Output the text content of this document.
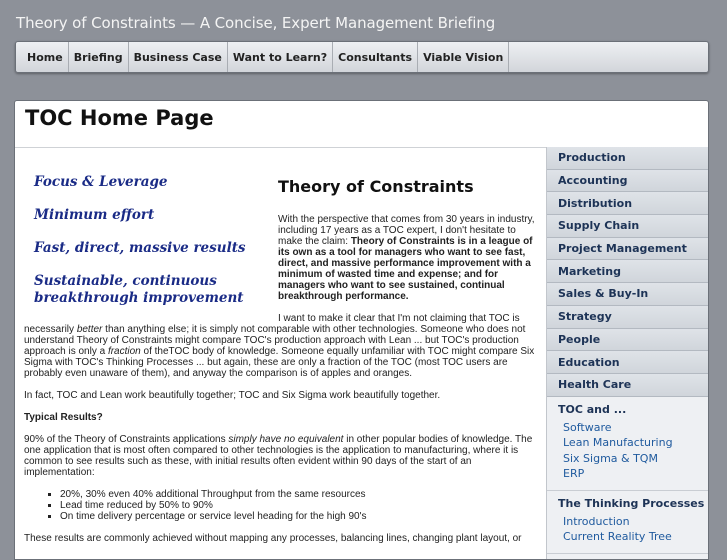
Theory of Constraints — A Concise, Expert Management Briefing
Home	Briefing	Business Case	Want to Learn?	Consultants	Viable Vision
TOC Home Page
Focus & Leverage
Minimum effort
Fast, direct, massive results
Sustainable, continuous breakthrough improvement
Theory of Constraints

With the perspective that comes from 30 years in industry, including 17 years as a TOC expert, I don't hesitate to make the claim: Theory of Constraints is in a league of its own as a tool for managers who want to see fast, direct, and massive performance improvement with a minimum of wasted time and expense; and for managers who want to see sustained, continual breakthrough performance.

I want to make it clear that I'm not claiming that TOC is necessarily better than anything else; it is simply not comparable with other technologies. Someone who does not understand Theory of Constraints might compare TOC's production approach with Lean ... but TOC's production approach is only a fraction of theTOC body of knowledge. Someone equally unfamiliar with TOC might compare Six Sigma with TOC's Thinking Processes ... but again, these are only a fraction of the TOC (most TOC users are probably even unaware of them), and anyway the comparison is of apples and oranges.

In fact, TOC and Lean work beautifully together; TOC and Six Sigma work beautifully together.

Typical Results?

90% of the Theory of Constraints applications simply have no equivalent in other popular bodies of knowledge. The one application that is most often compared to other technologies is the application to manufacturing, where it is common to see results such as these, with initial results often evident within 90 days of the start of an implementation:

▪ 20%, 30% even 40% additional Throughput from the same resources
▪ Lead time reduced by 50% to 90%
▪ On time delivery percentage or service level heading for the high 90's

These results are commonly achieved without mapping any processes, balancing lines, changing plant layout, or

Production
Accounting
Distribution
Supply Chain
Project Management
Marketing
Sales & Buy-In
Strategy
People
Education
Health Care
TOC and ...
Software
Lean Manufacturing
Six Sigma & TQM
ERP
The Thinking Processes
Introduction
Current Reality Tree
